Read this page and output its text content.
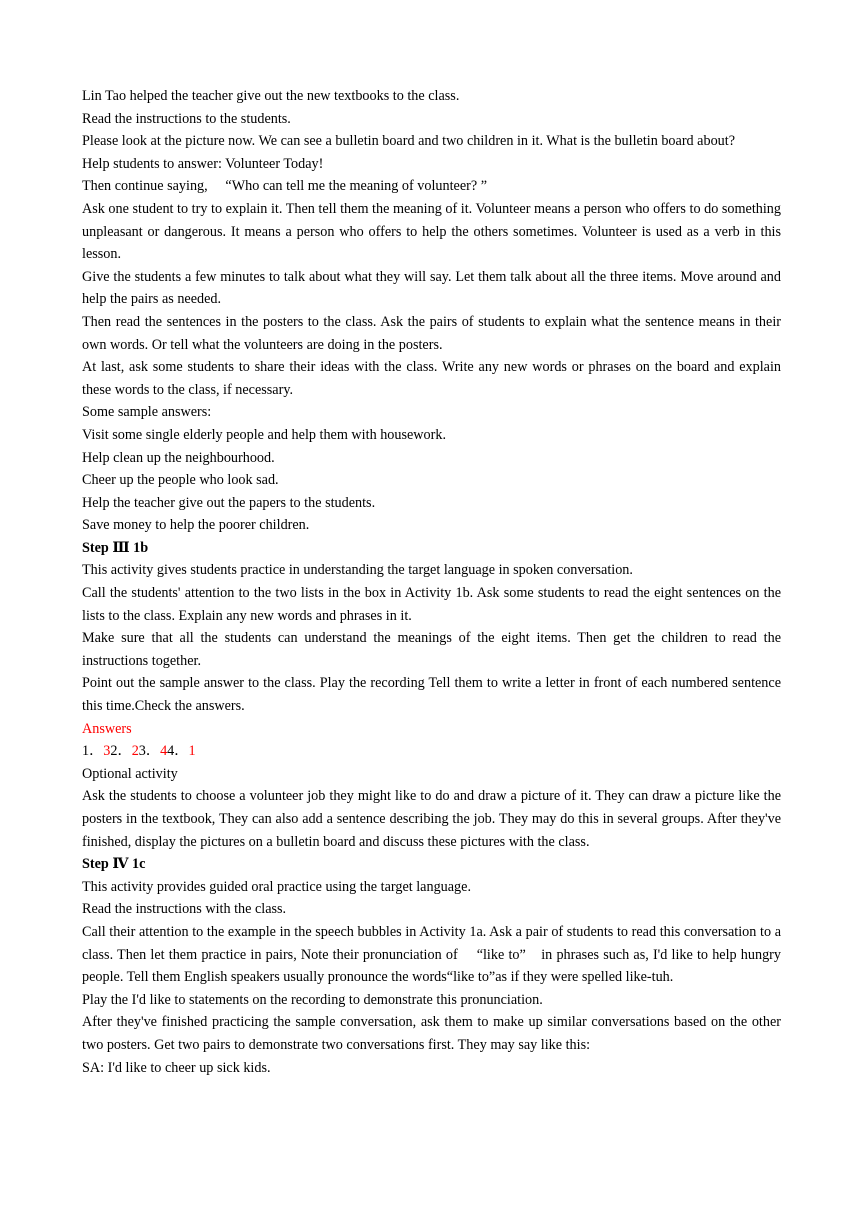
Lin Tao helped the teacher give out the new textbooks to the class.

Read the instructions to the students.

Please look at the picture now. We can see a bulletin board and two children in it. What is the bulletin board about?

Help students to answer: Volunteer Today!

Then continue saying, 　“Who can tell me the meaning of volunteer? ”

Ask one student to try to explain it. Then tell them the meaning of it. Volunteer means a person who offers to do something unpleasant or dangerous. It means a person who offers to help the others sometimes. Volunteer is used as a verb in this lesson.

Give the students a few minutes to talk about what they will say. Let them talk about all the three items. Move around and help the pairs as needed.

Then read the sentences in the posters to the class. Ask the pairs of students to explain what the sentence means in their own words. Or tell what the volunteers are doing in the posters.

At last, ask some students to share their ideas with the class. Write any new words or phrases on the board and explain these words to the class, if necessary.

Some sample answers:

Visit some single elderly people and help them with housework.

Help clean up the neighbourhood.

Cheer up the people who look sad.

Help the teacher give out the papers to the students.

Save money to help the poorer children.

Step Ⅲ 1b

This activity gives students practice in understanding the target language in spoken conversation.

Call the students' attention to the two lists in the box in Activity 1b. Ask some students to read the eight sentences on the lists to the class. Explain any new words and phrases in it.

Make sure that all the students can understand the meanings of the eight items. Then get the children to read the instructions together.

Point out the sample answer to the class. Play the recording Tell them to write a letter in front of each numbered sentence this time.Check the answers.

Answers

1．32．23．44．1

Optional activity

Ask the students to choose a volunteer job they might like to do and draw a picture of it. They can draw a picture like the posters in the textbook, They can also add a sentence describing the job. They may do this in several groups. After they've finished, display the pictures on a bulletin board and discuss these pictures with the class.

Step Ⅳ 1c

This activity provides guided oral practice using the target language.

Read the instructions with the class.

Call their attention to the example in the speech bubbles in Activity 1a. Ask a pair of students to read this conversation to a class. Then let them practice in pairs, Note their pronunciation of 　“like to”　in phrases such as, I'd like to help hungry people. Tell them English speakers usually pronounce the words“like to”as if they were spelled like-tuh.

Play the I'd like to statements on the recording to demonstrate this pronunciation.

After they've finished practicing the sample conversation, ask them to make up similar conversations based on the other two posters. Get two pairs to demonstrate two conversations first. They may say like this:

SA: I'd like to cheer up sick kids.
